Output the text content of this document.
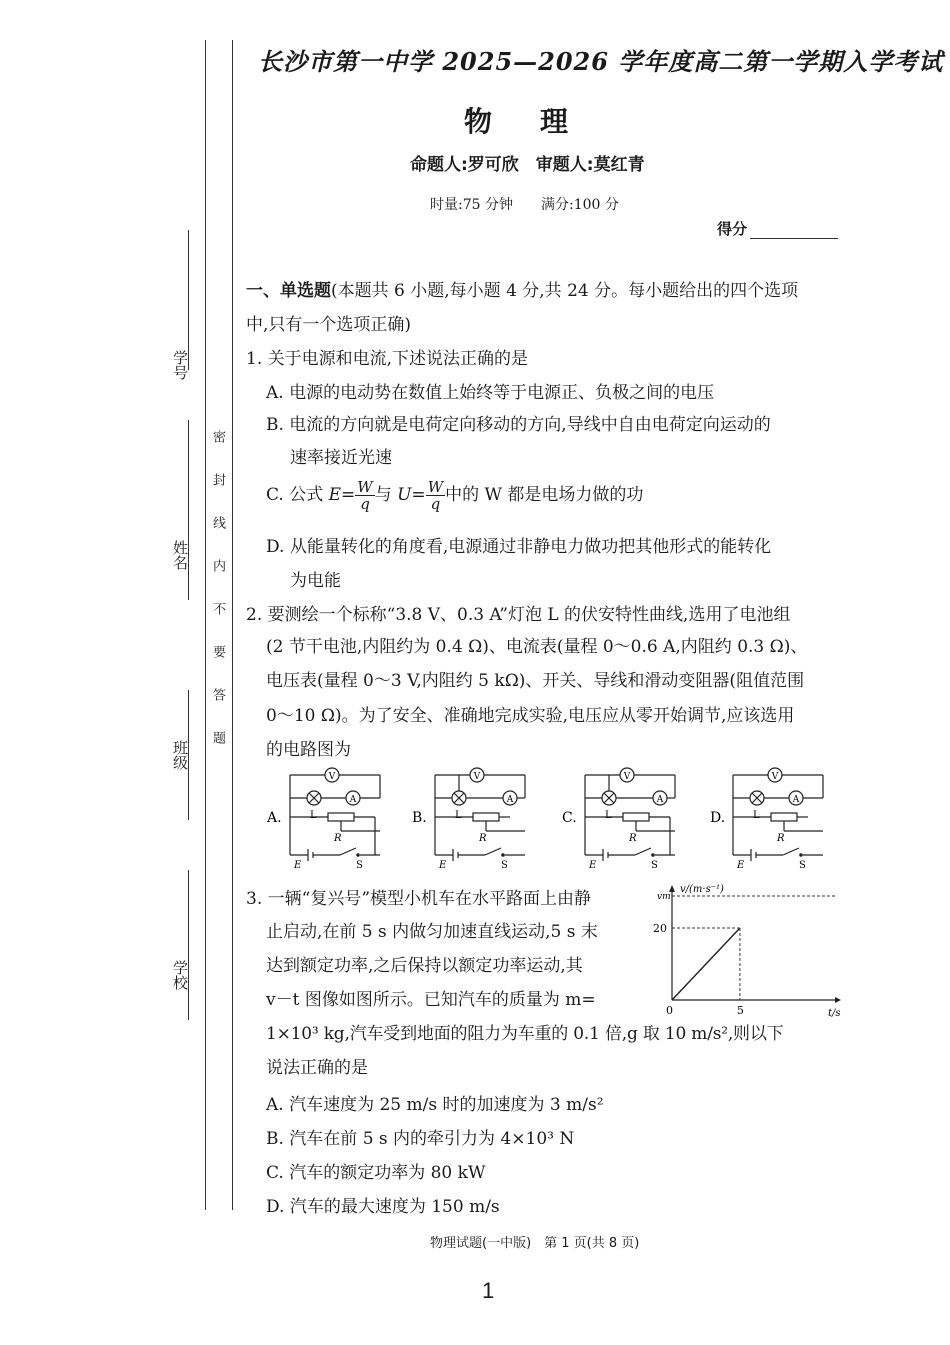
学校
班级
姓名
学号
密封线内不要答题
长沙市第一中学 2025—2026 学年度高二第一学期入学考试
物理
命题人:罗可欣　审题人:莫红青
时量:75 分钟　　满分:100 分
得分
一、单选题(本题共 6 小题,每小题 4 分,共 24 分。每小题给出的四个选项
中,只有一个选项正确)
1. 关于电源和电流,下述说法正确的是
A. 电源的电动势在数值上始终等于电源正、负极之间的电压
B. 电流的方向就是电荷定向移动的方向,导线中自由电荷定向运动的
速率接近光速
C. 公式 $E= \frac{W}{q}$ 与 $U= \frac{W}{q}$ 中的 W 都是电场力做的功
D. 从能量转化的角度看,电源通过非静电力做功把其他形式的能转化
为电能
2. 要测绘一个标称“3.8 V、0.3 A”灯泡 L 的伏安特性曲线,选用了电池组
(2 节干电池,内阻约为 0.4 Ω)、电流表(量程 0～0.6 A,内阻约 0.3 Ω)、
电压表(量程 0～3 V,内阻约 5 kΩ)、开关、导线和滑动变阻器(阻值范围
0～10 Ω)。为了安全、准确地完成实验,电压应从零开始调节,应该选用
的电路图为
A.
V
A
L
R
E	S
B.
V
A
L
R
E	S
C.
V
A
L
R
E	S
D.
V
A
L
R
E	S
3. 一辆“复兴号”模型小机车在水平路面上由静
止启动,在前 5 s 内做匀加速直线运动,5 s 末
达到额定功率,之后保持以额定功率运动,其
v－t 图像如图所示。已知汽车的质量为 m=
1×10³ kg,汽车受到地面的阻力为车重的 0.1 倍,g 取 10 m/s²,则以下
说法正确的是
A. 汽车速度为 25 m/s 时的加速度为 3 m/s²
B. 汽车在前 5 s 内的牵引力为 4×10³ N
C. 汽车的额定功率为 80 kW
D. 汽车的最大速度为 150 m/s
v/(m·s⁻¹)
t/s
0	5
20
vm
物理试题(一中版)　第 1 页(共 8 页)
1
